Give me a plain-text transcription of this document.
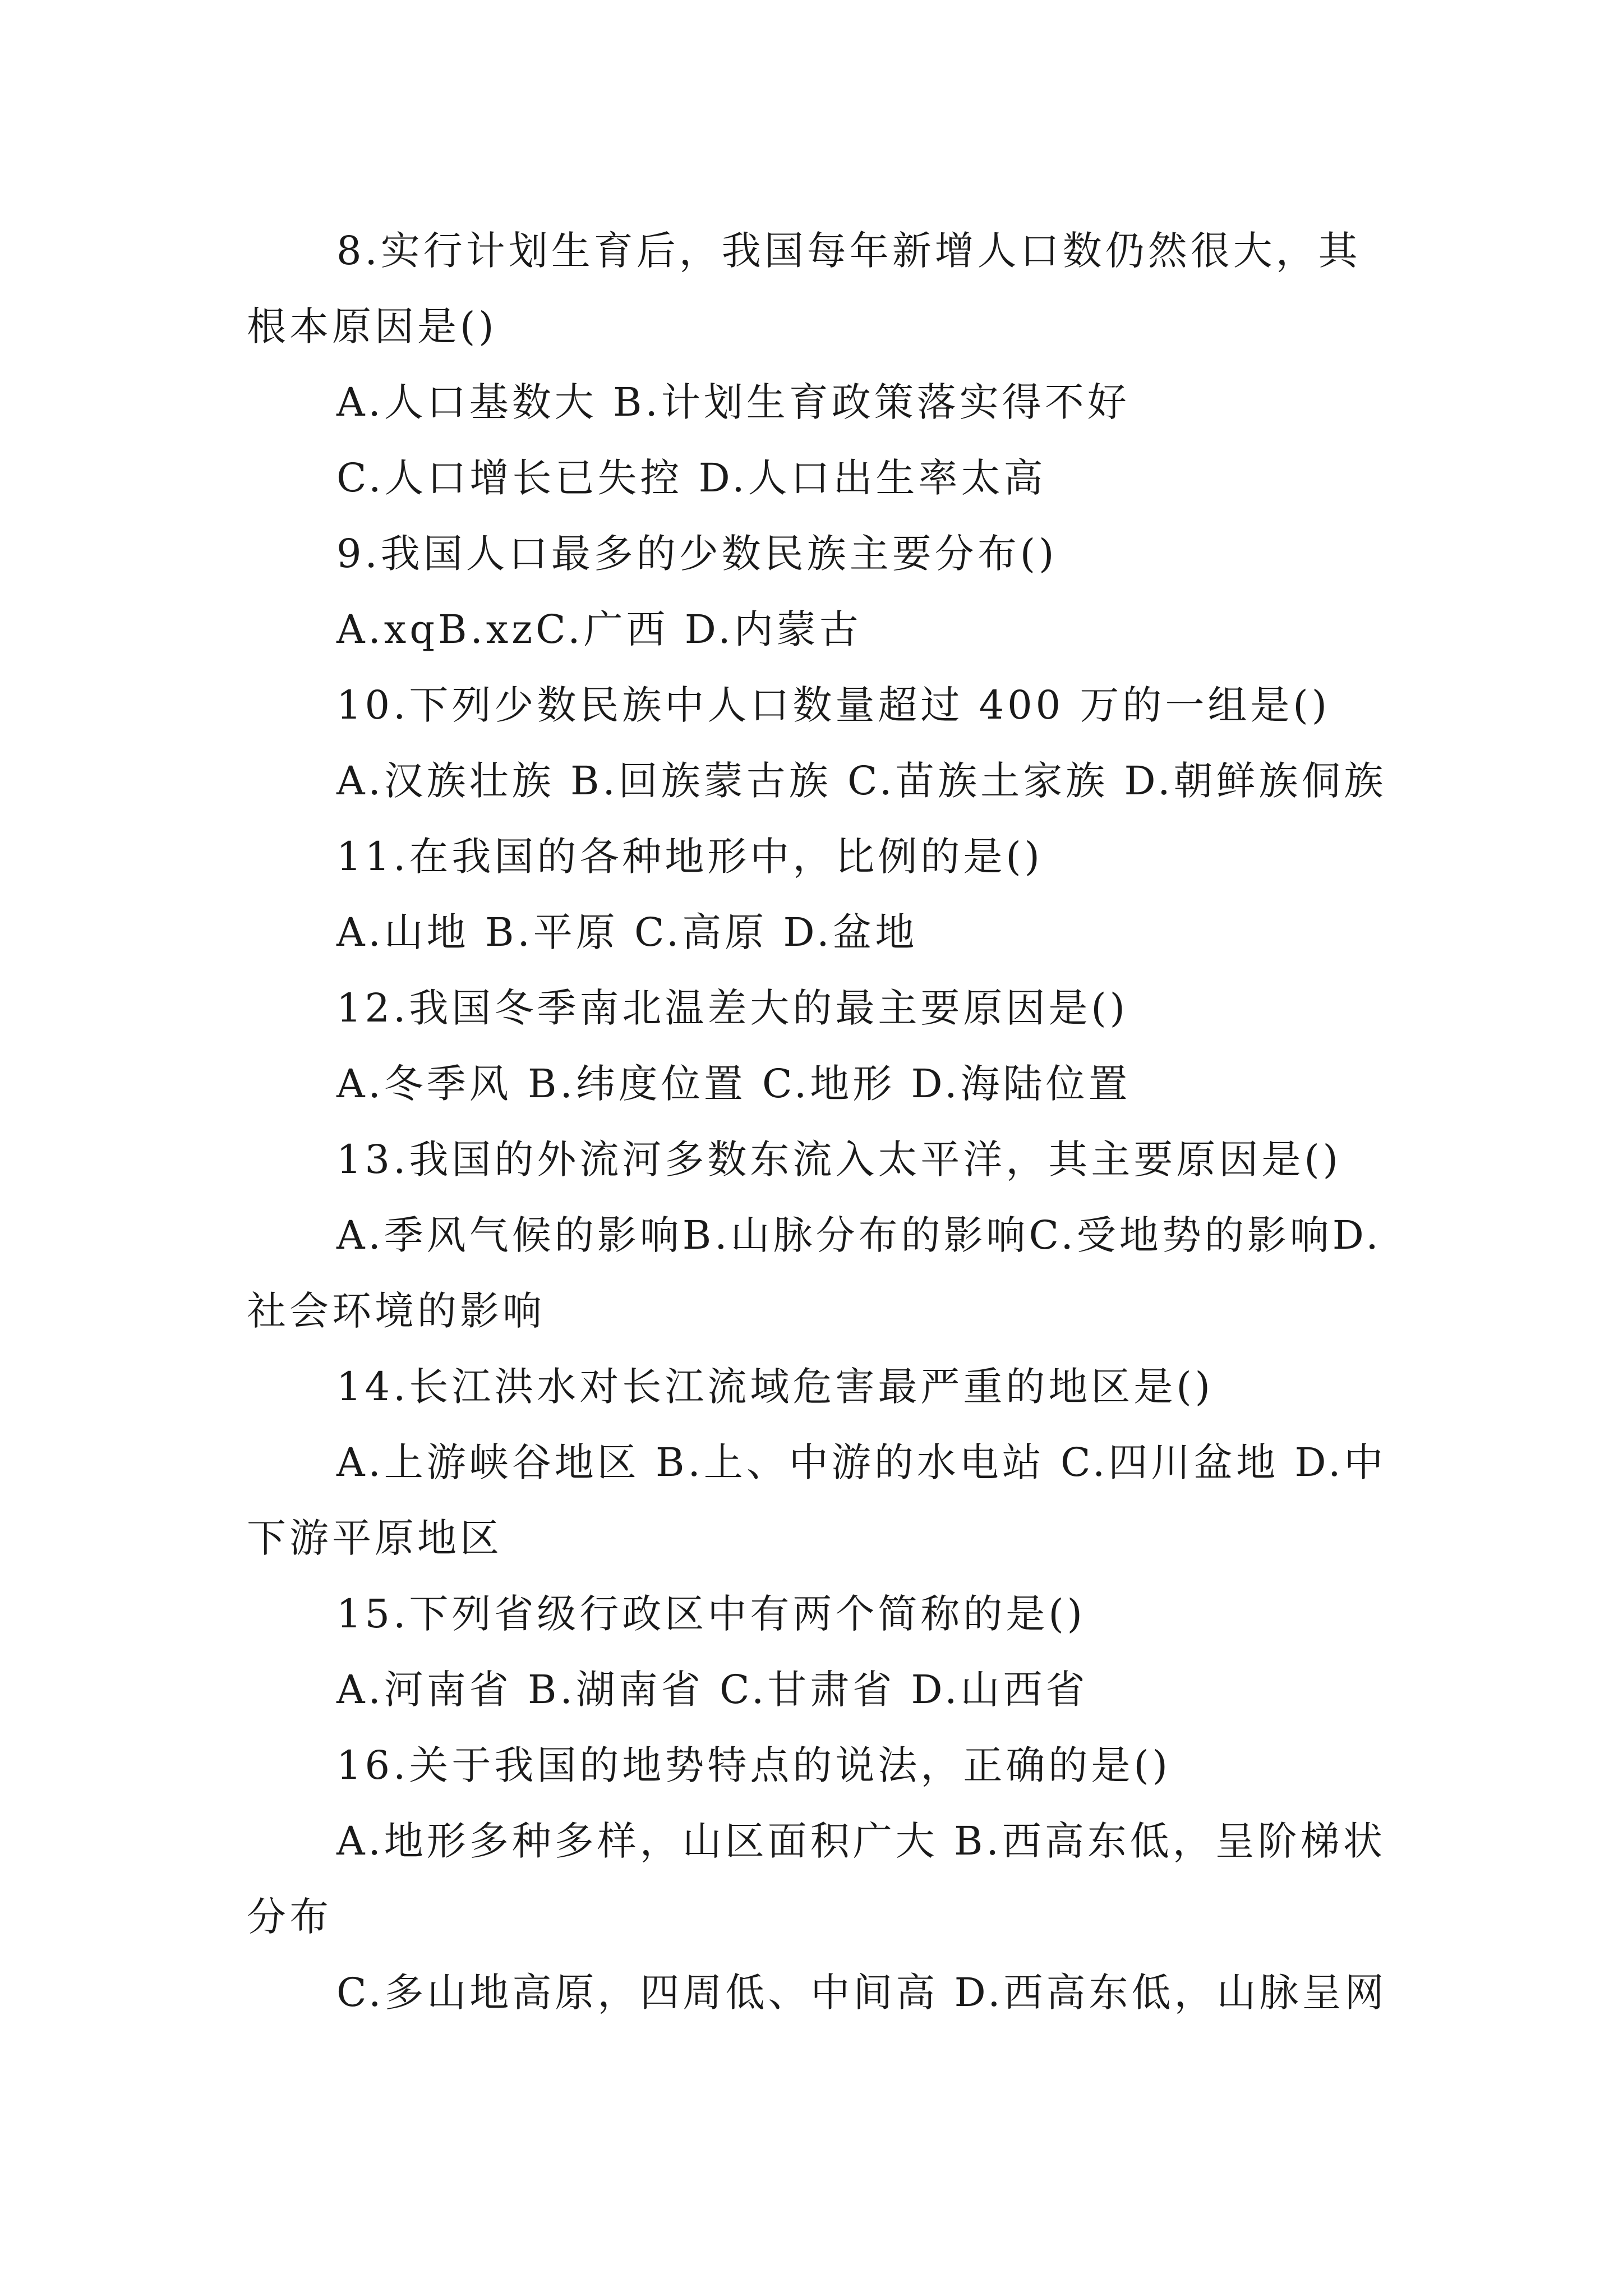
8.实行计划生育后，我国每年新增人口数仍然很大，其
根本原因是()
A.人口基数大 B.计划生育政策落实得不好
C.人口增长已失控 D.人口出生率太高
9.我国人口最多的少数民族主要分布()
A.xqB.xzC.广西 D.内蒙古
10.下列少数民族中人口数量超过 400 万的一组是()
A.汉族壮族 B.回族蒙古族 C.苗族土家族 D.朝鲜族侗族
11.在我国的各种地形中，比例的是()
A.山地 B.平原 C.高原 D.盆地
12.我国冬季南北温差大的最主要原因是()
A.冬季风 B.纬度位置 C.地形 D.海陆位置
13.我国的外流河多数东流入太平洋，其主要原因是()
A.季风气候的影响B.山脉分布的影响C.受地势的影响D.
社会环境的影响
14.长江洪水对长江流域危害最严重的地区是()
A.上游峡谷地区 B.上、中游的水电站 C.四川盆地 D.中
下游平原地区
15.下列省级行政区中有两个简称的是()
A.河南省 B.湖南省 C.甘肃省 D.山西省
16.关于我国的地势特点的说法，正确的是()
A.地形多种多样，山区面积广大 B.西高东低，呈阶梯状
分布
C.多山地高原，四周低、中间高 D.西高东低，山脉呈网
